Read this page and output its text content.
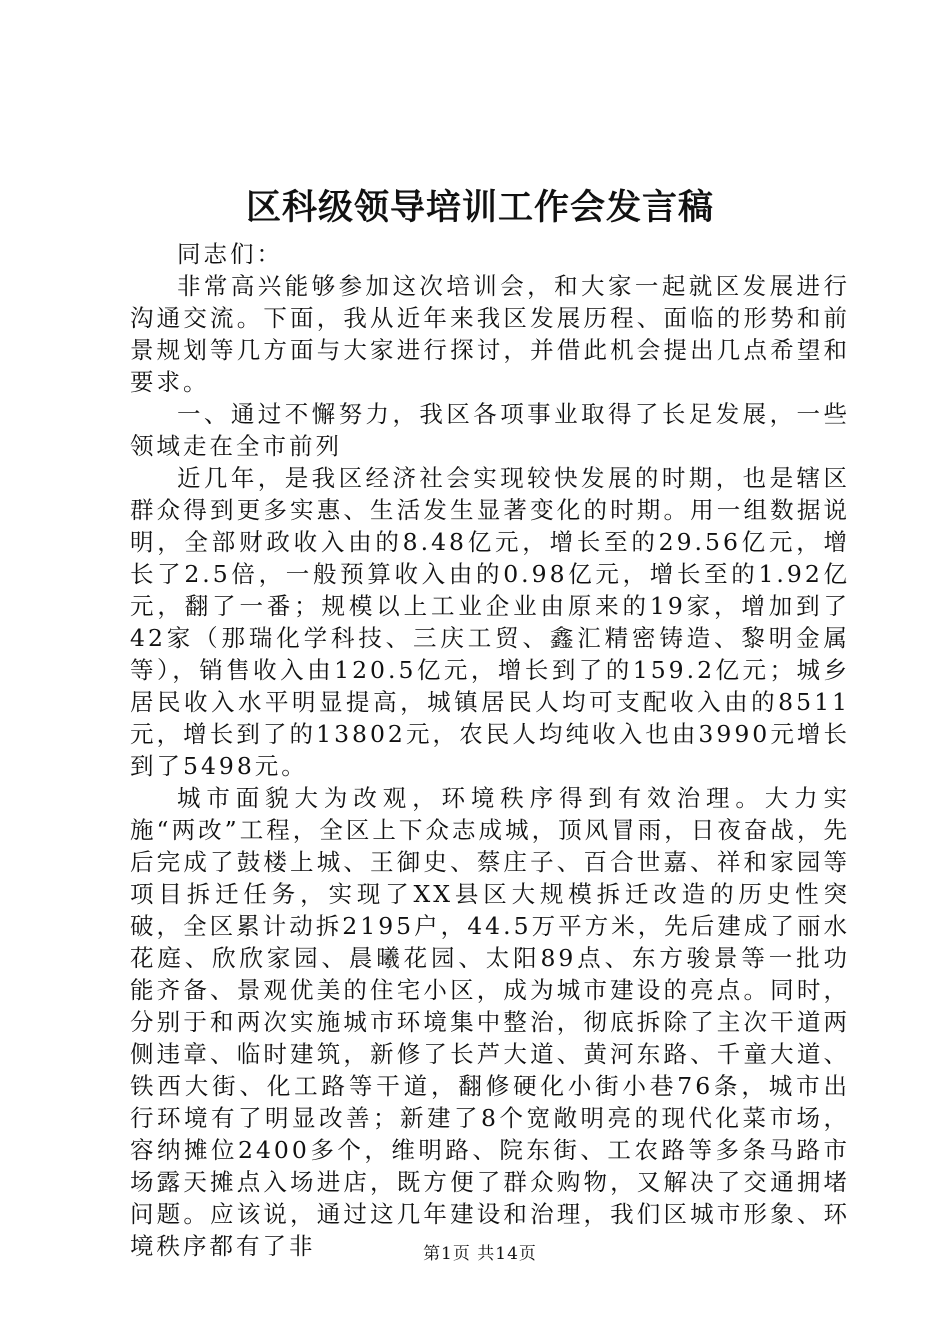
区科级领导培训工作会发言稿

同志们：

非常高兴能够参加这次培训会，和大家一起就区发展进行沟通交流。下面，我从近年来我区发展历程、面临的形势和前景规划等几方面与大家进行探讨，并借此机会提出几点希望和要求。

一、通过不懈努力，我区各项事业取得了长足发展，一些领域走在全市前列

近几年，是我区经济社会实现较快发展的时期，也是辖区群众得到更多实惠、生活发生显著变化的时期。用一组数据说明，全部财政收入由的8.48亿元，增长至的29.56亿元，增长了2.5倍，一般预算收入由的0.98亿元，增长至的1.92亿元，翻了一番；规模以上工业企业由原来的19家，增加到了42家（那瑞化学科技、三庆工贸、鑫汇精密铸造、黎明金属等），销售收入由120.5亿元，增长到了的159.2亿元；城乡居民收入水平明显提高，城镇居民人均可支配收入由的8511元，增长到了的13802元，农民人均纯收入也由3990元增长到了5498元。

城市面貌大为改观，环境秩序得到有效治理。大力实施“两改”工程，全区上下众志成城，顶风冒雨，日夜奋战，先后完成了鼓楼上城、王御史、蔡庄子、百合世嘉、祥和家园等项目拆迁任务，实现了XX县区大规模拆迁改造的历史性突破，全区累计动拆2195户，44.5万平方米，先后建成了丽水花庭、欣欣家园、晨曦花园、太阳89点、东方骏景等一批功能齐备、景观优美的住宅小区，成为城市建设的亮点。同时，分别于和两次实施城市环境集中整治，彻底拆除了主次干道两侧违章、临时建筑，新修了长芦大道、黄河东路、千童大道、铁西大街、化工路等干道，翻修硬化小街小巷76条，城市出行环境有了明显改善；新建了8个宽敞明亮的现代化菜市场，容纳摊位2400多个，维明路、院东街、工农路等多条马路市场露天摊点入场进店，既方便了群众购物，又解决了交通拥堵问题。应该说，通过这几年建设和治理，我们区城市形象、环境秩序都有了非	第1页 共14页
